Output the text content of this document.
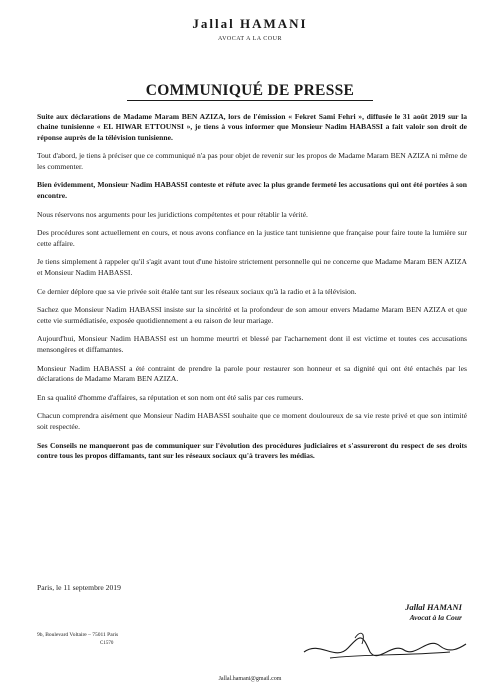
Jallal HAMANI
AVOCAT A LA COUR
COMMUNIQUÉ DE PRESSE

Suite aux déclarations de Madame Maram BEN AZIZA, lors de l'émission « Fekret Sami Fehri », diffusée le 31 août 2019 sur la chaine tunisienne « EL HIWAR ETTOUNSI », je tiens à vous informer que Monsieur Nadim HABASSI a fait valoir son droit de réponse auprès de la télévision tunisienne.

Tout d'abord, je tiens à préciser que ce communiqué n'a pas pour objet de revenir sur les propos de Madame Maram BEN AZIZA ni même de les commenter.

Bien évidemment, Monsieur Nadim HABASSI conteste et réfute avec la plus grande fermeté les accusations qui ont été portées à son encontre.

Nous réservons nos arguments pour les juridictions compétentes et pour rétablir la vérité.

Des procédures sont actuellement en cours, et nous avons confiance en la justice tant tunisienne que française pour faire toute la lumière sur cette affaire.

Je tiens simplement à rappeler qu'il s'agit avant tout d'une histoire strictement personnelle qui ne concerne que Madame Maram BEN AZIZA et Monsieur Nadim HABASSI.

Ce dernier déplore que sa vie privée soit étalée tant sur les réseaux sociaux qu'à la radio et à la télévision.

Sachez que Monsieur Nadim HABASSI insiste sur la sincérité et la profondeur de son amour envers Madame Maram BEN AZIZA et que cette vie surmédiatisée, exposée quotidiennement a eu raison de leur mariage.

Aujourd'hui, Monsieur Nadim HABASSI est un homme meurtri et blessé par l'acharnement dont il est victime et toutes ces accusations mensongères et diffamantes.

Monsieur Nadim HABASSI a été contraint de prendre la parole pour restaurer son honneur et sa dignité qui ont été entachés par les déclarations de Madame Maram BEN AZIZA.

En sa qualité d'homme d'affaires, sa réputation et son nom ont été salis par ces rumeurs.

Chacun comprendra aisément que Monsieur Nadim HABASSI souhaite que ce moment douloureux de sa vie reste privé et que son intimité soit respectée.

Ses Conseils ne manqueront pas de communiquer sur l'évolution des procédures judiciaires et s'assureront du respect de ses droits contre tous les propos diffamants, tant sur les réseaux sociaux qu'à travers les médias.

Paris, le 11 septembre 2019
Jallal HAMANI
Avocat à la Cour
9b, Boulevard Voltaire – 75011 Paris
C1570
Jallal.hamani@gmail.com
